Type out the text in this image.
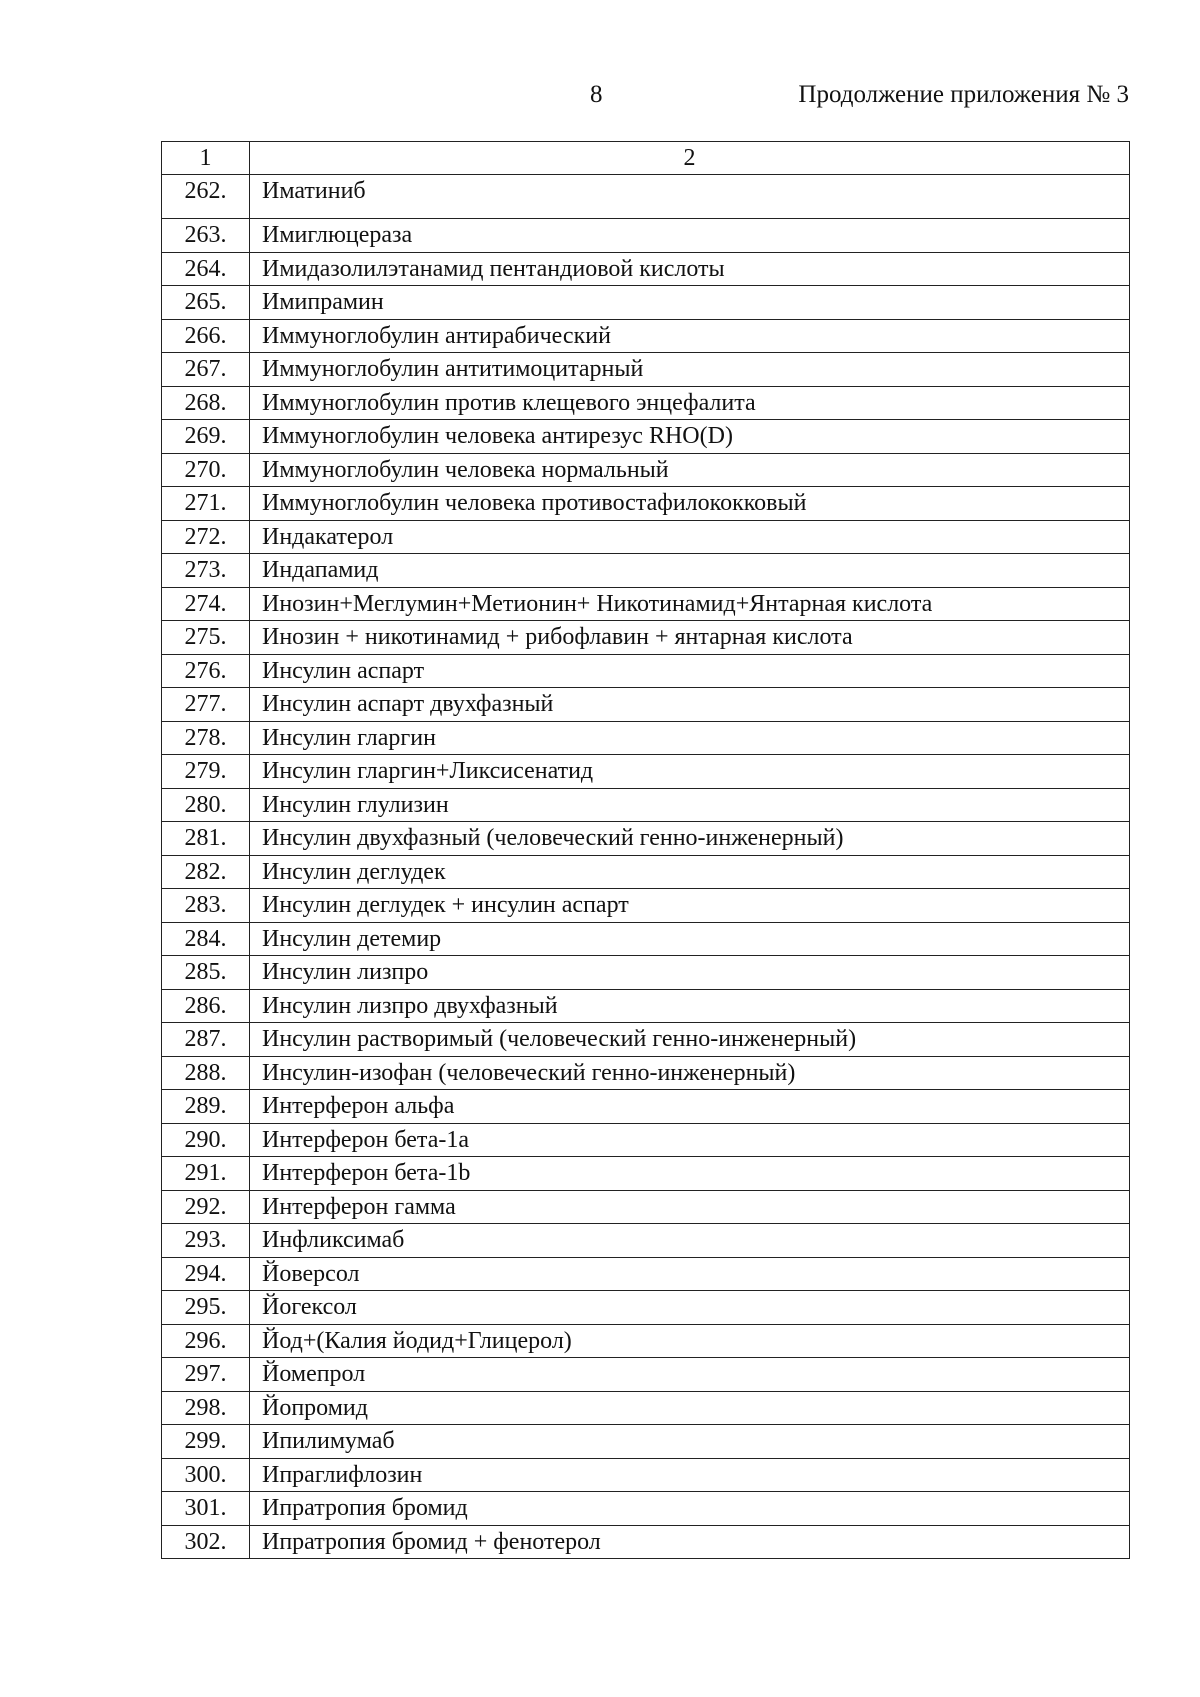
8	Продолжение приложения № 3
1	2
262.	Иматиниб
263.	Имиглюцераза
264.	Имидазолилэтанамид пентандиовой кислоты
265.	Имипрамин
266.	Иммуноглобулин антирабический
267.	Иммуноглобулин антитимоцитарный
268.	Иммуноглобулин против клещевого энцефалита
269.	Иммуноглобулин человека антирезус RHO(D)
270.	Иммуноглобулин человека нормальный
271.	Иммуноглобулин человека противостафилококковый
272.	Индакатерол
273.	Индапамид
274.	Инозин+Меглумин+Метионин+ Никотинамид+Янтарная кислота
275.	Инозин + никотинамид + рибофлавин + янтарная кислота
276.	Инсулин аспарт
277.	Инсулин аспарт двухфазный
278.	Инсулин гларгин
279.	Инсулин гларгин+Ликсисенатид
280.	Инсулин глулизин
281.	Инсулин двухфазный (человеческий генно-инженерный)
282.	Инсулин деглудек
283.	Инсулин деглудек + инсулин аспарт
284.	Инсулин детемир
285.	Инсулин лизпро
286.	Инсулин лизпро двухфазный
287.	Инсулин растворимый (человеческий генно-инженерный)
288.	Инсулин-изофан (человеческий генно-инженерный)
289.	Интерферон альфа
290.	Интерферон бета-1а
291.	Интерферон бета-1b
292.	Интерферон гамма
293.	Инфликсимаб
294.	Йоверсол
295.	Йогексол
296.	Йод+(Калия йодид+Глицерол)
297.	Йомепрол
298.	Йопромид
299.	Ипилимумаб
300.	Ипраглифлозин
301.	Ипратропия бромид
302.	Ипратропия бромид + фенотерол
